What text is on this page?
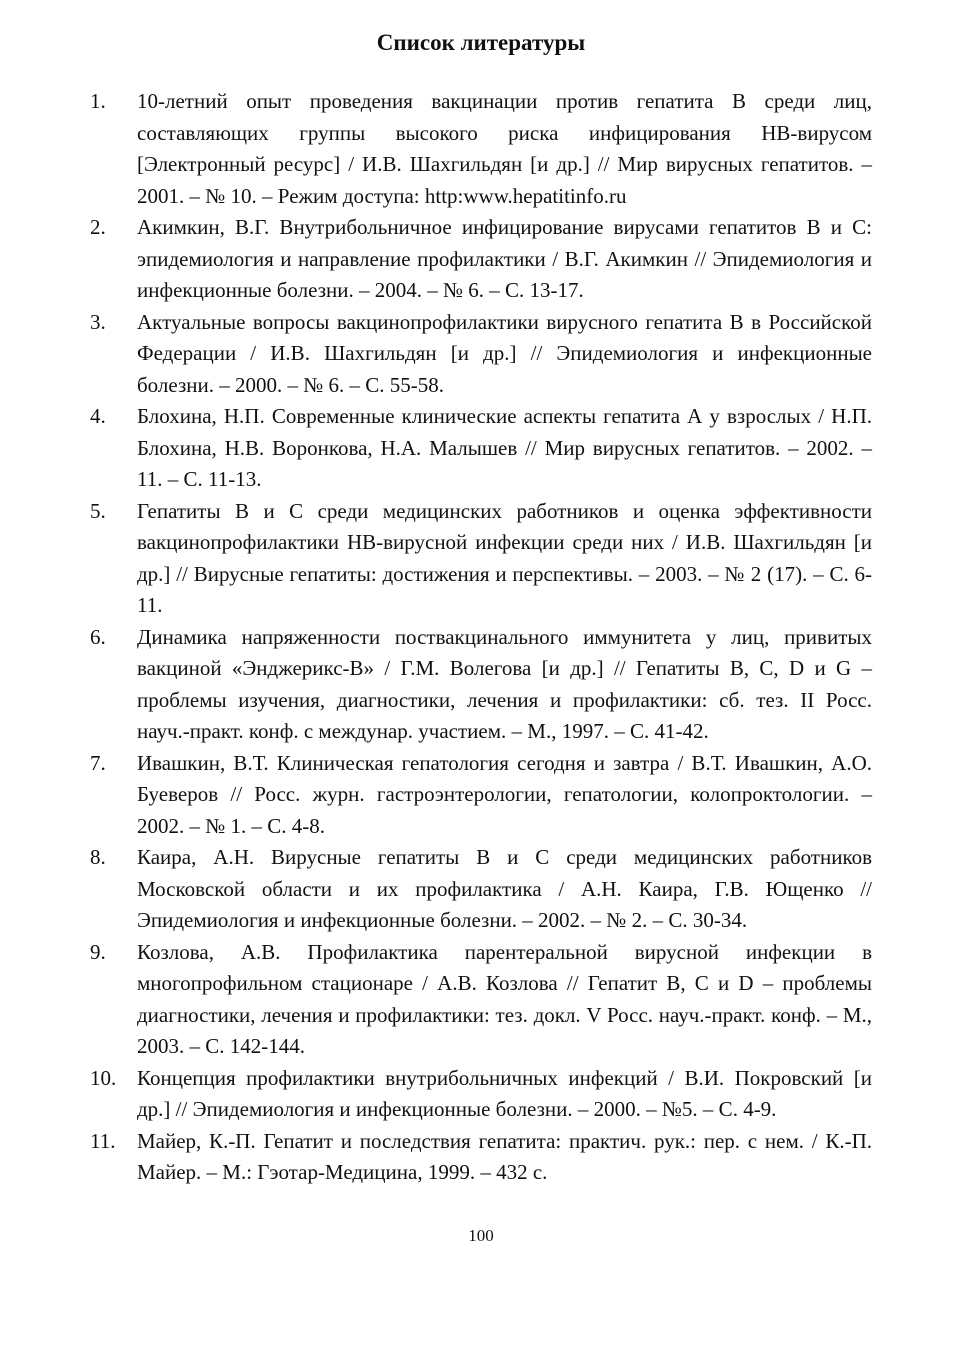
Список литературы
1. 10-летний опыт проведения вакцинации против гепатита В среди лиц, составляющих группы высокого риска инфицирования НВ-вирусом [Электронный ресурс] / И.В. Шахгильдян [и др.] // Мир вирусных гепатитов. – 2001. – № 10. – Режим доступа: http:www.hepatitinfo.ru
2. Акимкин, В.Г. Внутрибольничное инфицирование вирусами гепатитов В и С: эпидемиология и направление профилактики / В.Г. Акимкин // Эпидемиология и инфекционные болезни. – 2004. – № 6. – С. 13-17.
3. Актуальные вопросы вакцинопрофилактики вирусного гепатита В в Российской Федерации / И.В. Шахгильдян [и др.] // Эпидемиология и инфекционные болезни. – 2000. – № 6. – С. 55-58.
4. Блохина, Н.П. Современные клинические аспекты гепатита А у взрослых / Н.П. Блохина, Н.В. Воронкова, Н.А. Малышев // Мир вирусных гепатитов. – 2002. – 11. – С. 11-13.
5. Гепатиты В и С среди медицинских работников и оценка эффективности вакцинопрофилактики НВ-вирусной инфекции среди них / И.В. Шахгильдян [и др.] // Вирусные гепатиты: достижения и перспективы. – 2003. – № 2 (17). – С. 6-11.
6. Динамика напряженности поствакцинального иммунитета у лиц, привитых вакциной «Энджерикс-В» / Г.М. Волегова [и др.] // Гепатиты B, C, D и G – проблемы изучения, диагностики, лечения и профилактики: сб. тез. II Росс. науч.-практ. конф. с междунар. участием. – М., 1997. – С. 41-42.
7. Ивашкин, В.Т. Клиническая гепатология сегодня и завтра / В.Т. Ивашкин, А.О. Буеверов // Росс. журн. гастроэнтерологии, гепатологии, колопроктологии. – 2002. – № 1. – С. 4-8.
8. Каира, А.Н. Вирусные гепатиты В и С среди медицинских работников Московской области и их профилактика / А.Н. Каира, Г.В. Ющенко // Эпидемиология и инфекционные болезни. – 2002. – № 2. – С. 30-34.
9. Козлова, А.В. Профилактика парентеральной вирусной инфекции в многопрофильном стационаре / А.В. Козлова // Гепатит В, С и D – проблемы диагностики, лечения и профилактики: тез. докл. V Росс. науч.-практ. конф. – М., 2003. – С. 142-144.
10. Концепция профилактики внутрибольничных инфекций / В.И. Покровский [и др.] // Эпидемиология и инфекционные болезни. – 2000. – №5. – С. 4-9.
11. Майер, К.-П. Гепатит и последствия гепатита: практич. рук.: пер. с нем. / К.-П. Майер. – М.: Гэотар-Медицина, 1999. – 432 с.
100
